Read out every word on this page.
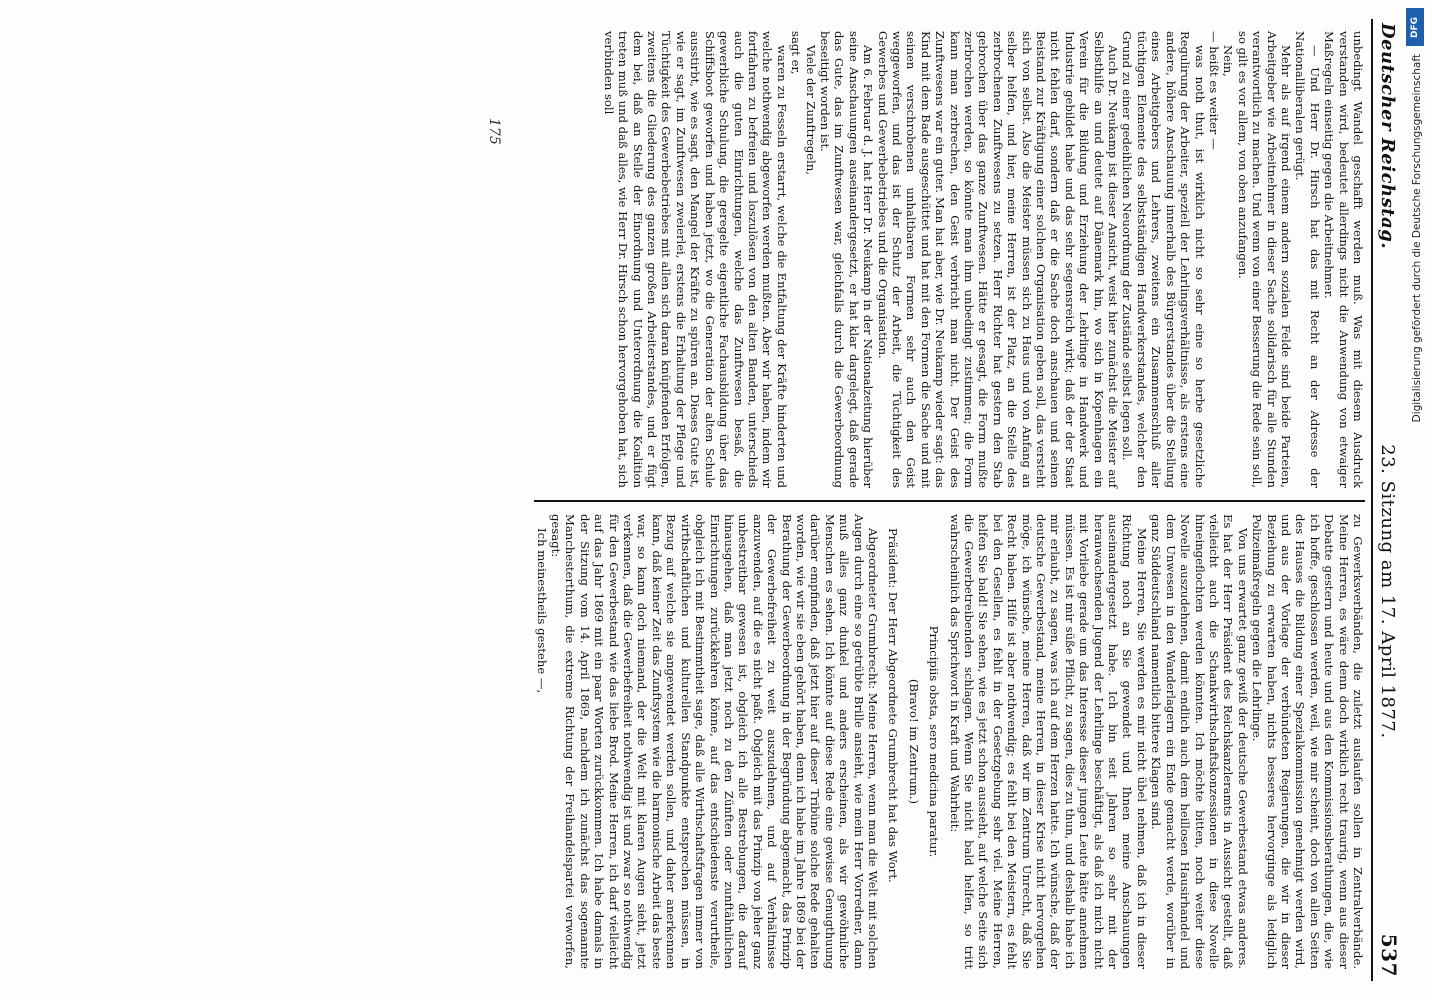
Deutscher Reichstag.
23. Sitzung am 17. April 1877.
537

unbedingt Wandel geschafft werden muß. Was mit diesem Ausdruck verstanden wird, bedeutet allerdings nicht die Anwendung von etwaiger Maßregeln einseitig gegen die Arbeitnehmer.

— Und Herr Dr. Hirsch hat das mit Recht an der Adresse der Nationalliberalen gerügt.

Mehr als auf irgend einem andern sozialen Felde sind beide Parteien, Arbeitgeber wie Arbeitnehmer in dieser Sache solidarisch für alle Stunden verantwortlich zu machen. Und wenn von einer Besserung die Rede sein soll, so gilt es vor allem, von oben anzufangen.

Nein,

— heißt es weiter —

was noth thut, ist wirklich nicht so sehr eine so herbe gesetzliche Regulirung der Arbeiter, speziell der Lehrlingsverhältnisse, als erstens eine andere, höhere Anschauung innerhalb des Bürgerstandes über die Stellung eines Arbeitgebers und Lehrers, zweitens ein Zusammenschluß aller tüchtigen Elemente des selbstständigen Handwerkerstandes, welcher den Grund zu einer gedeihlichen Neuordnung der Zustände selbst legen soll.

Auch Dr. Neukamp ist dieser Ansicht, weist hier zunächst die Meister auf Selbsthilfe an und deutet auf Dänemark hin, wo sich in Kopenhagen ein Verein für die Bildung und Erziehung der Lehrlinge in Handwerk und Industrie gebildet habe und das sehr segensreich wirkt; daß der der Staat nicht fehlen darf, sondern daß er die Sache doch anschauen und seinen Beistand zur Kräftigung einer solchen Organisation geben soll, das versteht sich von selbst. Also die Meister müssen sich zu Haus und von Anfang an selber helfen, und hier, meine Herren, ist der Platz, an die Stelle des zerbrochenen Zunftwesens zu setzen. Herr Richter hat gestern den Stab gebrochen über das ganze Zunftwesen. Hätte er gesagt, die Form mußte zerbrochen werden, so könnte man ihm unbedingt zustimmen; die Form kann man zerbrechen, den Geist verbricht man nicht. Der Geist des Zunftwesens war ein guter. Man hat aber, wie Dr. Neukamp wieder sagt: das Kind mit dem Bade ausgeschüttet und hat mit den Formen die Sache und mit seinen verschrobenen unhaltbaren Formen sehr auch den Geist weggeworfen, und das ist der Schutz der Arbeit, die Tüchtigkeit des Gewerbes und Gewerbebetriebes und die Organisation.

Am 6. Februar d. J. hat Herr Dr. Neukamp in der Nationalzeitung hierüber seine Anschauungen auseinandergesetzt, er hat klar dargelegt, daß gerade das Gute, das im Zunftwesen war, gleichfalls durch die Gewerbeordnung beseitigt worden ist.

Viele der Zunftregeln,

sagt er,

waren zu Fesseln erstarrt, welche die Entfaltung der Kräfte hinderten und welche nothwendig abgeworfen werden mußten. Aber wir haben, indem wir fortfahren zu befreien und loszulösen von den alten Banden, unterschieds auch die guten Einrichtungen, welche das Zunftwesen besaß, die gewerbliche Schulung, die geregelte eigentliche Fachausbildung über das Schiffsboot geworfen und haben jetzt, wo die Generation der alten Schule ausstirbt, wie es sagt, den Mangel der Kräfte zu spüren an. Dieses Gute ist, wie er sagt, im Zunftwesen zweierlei, erstens die Erhaltung der Pflege und Tüchtigkeit des Gewerbebetriebes mit allen sich daran knüpfenden Erfolgen, zweitens die Gliederung des ganzen großen Arbeiterstandes, und er fügt dem bei, daß an Stelle der Einordnung und Unterordnung die Koalition treten muß und daß alles, wie Herr Dr. Hirsch schon hervorgehoben hat, sich verbinden soll

zu Gewerksverbänden, die zuletzt auslaufen sollen in Zentralverbände. Meine Herren, es wäre denn doch wirklich recht traurig, wenn aus dieser Debatte gestern und heute und aus den Kommissionsberathungen, die, wie ich hoffe, geschlossen werden, weil, wie mir scheint, doch von allen Seiten des Hauses die Bildung einer Spezialkommission genehmigt werden wird, und aus der Vorlage der verbündeten Regierungen, die wir in dieser Beziehung zu erwarten haben, nichts besseres hervorginge als lediglich Polizeimaßregeln gegen die Lehrlinge.

Von uns erwartet ganz gewiß der deutsche Gewerbestand etwas anderes. Es hat der Herr Präsident des Reichskanzleramts in Aussicht gestellt, daß vielleicht auch die Schankwirthschaftskonzessionen in diese Novelle hineingeflochten werden könnten. Ich möchte bitten, noch weiter diese Novelle auszudehnen, damit endlich auch dem heillosen Hausirhandel und dem Unwesen in den Wanderlagern ein Ende gemacht werde, worüber in ganz Süddeutschland namentlich bittere Klagen sind.

Meine Herren, Sie werden es mir nicht übel nehmen, daß ich in dieser Richtung noch an Sie gewendet und Ihnen meine Anschauungen auseinandergesetzt habe. Ich bin seit Jahren so sehr mit der heranwachsenden Jugend der Lehrlinge beschäftigt, als daß ich mich nicht mit Vorliebe gerade um das Interesse dieser jungen Leute hätte annehmen müssen. Es ist mir süße Pflicht, zu sagen, dies zu thun, und deshalb habe ich mir erlaubt, zu sagen, was ich auf dem Herzen hatte. Ich wünsche, daß der deutsche Gewerbestand, meine Herren, in dieser Krise nicht hervorgehen möge, ich wünsche, meine Herren, daß wir im Zentrum Unrecht, daß Sie Recht haben. Hilfe ist aber nothwendig; es fehlt bei den Meistern, es fehlt bei den Gesellen, es fehlt in der Gesetzgebung sehr viel. Meine Herren, helfen Sie bald! Sie sehen, wie es jetzt schon aussieht, auf welche Seite sich die Gewerbetreibenden schlagen. Wenn Sie nicht bald helfen, so tritt wahrscheinlich das Sprichwort in Kraft und Wahrheit:

Principiis obsta, sero medicina paratur.

(Bravo! im Zentrum.)

Präsident: Der Herr Abgeordnete Grumbrecht hat das Wort.

Abgeordneter Grumbrecht: Meine Herren, wenn man die Welt mit solchen Augen durch eine so getrübte Brille ansieht, wie mein Herr Vorredner, dann muß alles ganz dunkel und anders erscheinen, als wir gewöhnliche Menschen es sehen. Ich könnte auf diese Rede eine gewisse Genugthuung darüber empfinden, daß jetzt hier auf dieser Tribüne solche Rede gehalten worden, wie wir sie eben gehört haben, denn ich habe im Jahre 1869 bei der Berathung der Gewerbeordnung in der Begründung abgemacht, das Prinzip der Gewerbefreiheit zu weit auszudehnen, und auf Verhältnisse anzuwenden, auf die es nicht paßt. Obgleich mit das Prinzip von jeher ganz unbestreitbar gewesen ist, obgleich ich alle Bestrebungen, die darauf hinausgehen, daß man jetzt noch zu den Zünften oder zunftähnlichen Einrichtungen zurückkehren könne, auf das entschiedenste verurtheile, obgleich ich mit Bestimmtheit sage, daß alle Wirthschaftsfragen immer von wirthschaftlichen und kulturellen Standpunkte entsprechen müssen, in Bezug auf welche sie angewendet werden sollen, und daher anerkennen kann, daß keiner Zeit das Zunftsystem wie die harmonische Arbeit das beste war, so kann doch niemand, der die Welt mit klaren Augen sieht, jetzt verkennen, daß die Gewerbefreiheit nothwendig ist und zwar so nothwendig für den Gewerbestand wie das liebe Brod. Meine Herren, ich darf vielleicht auf das Jahr 1869 mit ein paar Worten zurückkommen. Ich habe damals in der Sitzung vom 14. April 1869, nachdem ich zunächst das sogenannte Manchesterthum, die extreme Richtung der Freihandelspartei verworfen, gesagt:

Ich meinestheils gestehe —,

175
DFG
Digitalisierung gefördert durch die Deutsche Forschungsgemeinschaft
